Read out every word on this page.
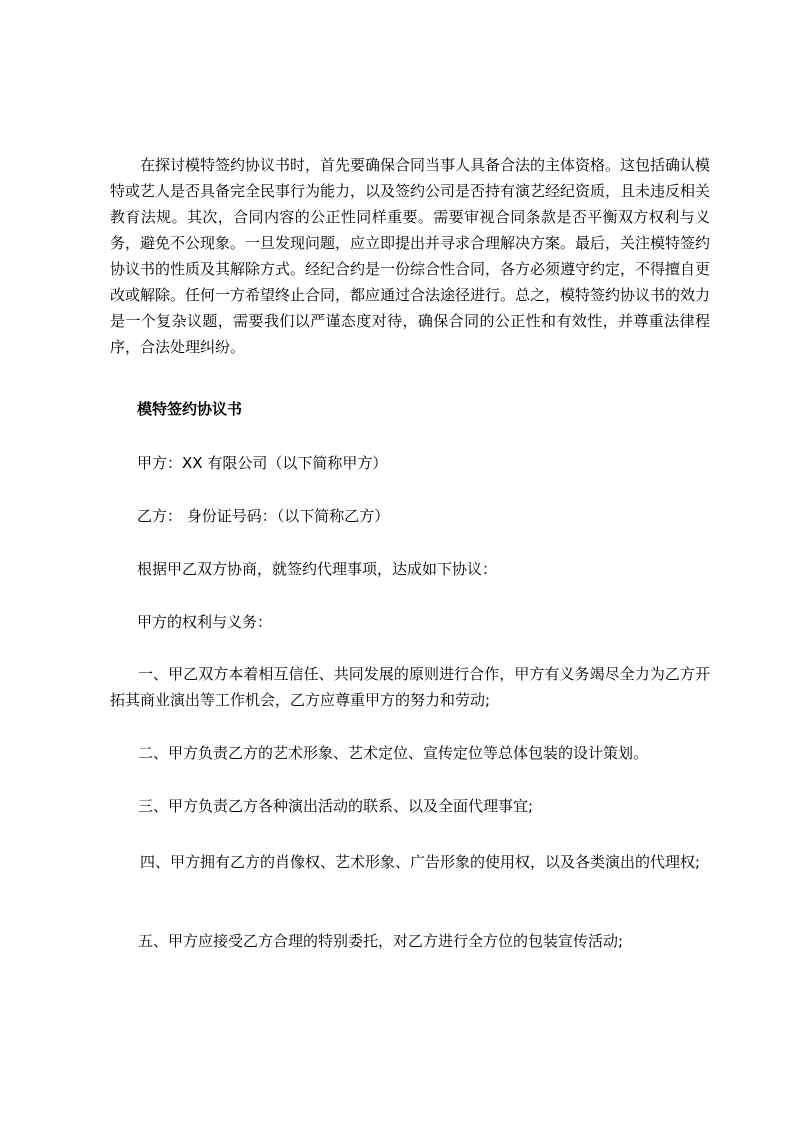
在探讨模特签约协议书时，首先要确保合同当事人具备合法的主体资格。这包括确认模特或艺人是否具备完全民事行为能力，以及签约公司是否持有演艺经纪资质，且未违反相关教育法规。其次，合同内容的公正性同样重要。需要审视合同条款是否平衡双方权利与义务，避免不公现象。一旦发现问题，应立即提出并寻求合理解决方案。最后，关注模特签约协议书的性质及其解除方式。经纪合约是一份综合性合同，各方必须遵守约定，不得擅自更改或解除。任何一方希望终止合同，都应通过合法途径进行。总之，模特签约协议书的效力是一个复杂议题，需要我们以严谨态度对待，确保合同的公正性和有效性，并尊重法律程序，合法处理纠纷。

模特签约协议书

甲方：XX 有限公司（以下简称甲方）

乙方： 身份证号码：（以下简称乙方）

根据甲乙双方协商，就签约代理事项，达成如下协议：

甲方的权利与义务：

一、甲乙双方本着相互信任、共同发展的原则进行合作，甲方有义务竭尽全力为乙方开拓其商业演出等工作机会，乙方应尊重甲方的努力和劳动;

二、甲方负责乙方的艺术形象、艺术定位、宣传定位等总体包装的设计策划。

三、甲方负责乙方各种演出活动的联系、以及全面代理事宜;

四、甲方拥有乙方的肖像权、艺术形象、广告形象的使用权，以及各类演出的代理权;

五、甲方应接受乙方合理的特别委托，对乙方进行全方位的包装宣传活动;
